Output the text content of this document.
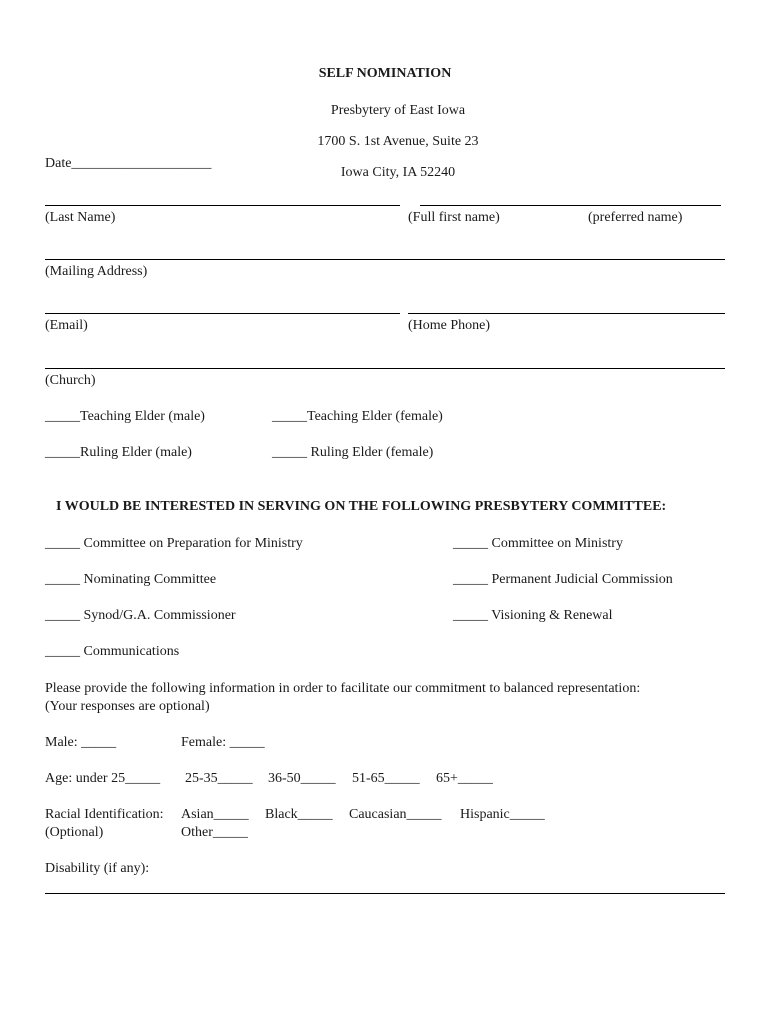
SELF NOMINATION
Presbytery of East Iowa
1700 S. 1st Avenue, Suite 23
Iowa City, IA 52240
Date____________________
(Last Name)	(Full first name)	(preferred name)
(Mailing Address)
(Email)	(Home Phone)
(Church)
_____Teaching Elder (male)	_____Teaching Elder (female)
_____Ruling Elder (male)	_____ Ruling Elder (female)
I WOULD BE INTERESTED IN SERVING ON THE FOLLOWING PRESBYTERY COMMITTEE:
_____ Committee on Preparation for Ministry	_____ Committee on Ministry
_____ Nominating Committee	_____ Permanent Judicial Commission
_____ Synod/G.A. Commissioner	_____ Visioning & Renewal
_____ Communications
Please provide the following information in order to facilitate our commitment to balanced representation:
(Your responses are optional)
Male: _____	Female: _____
Age: under 25_____ 25-35_____ 36-50_____ 51-65_____ 65+_____
Racial Identification: Asian_____ Black_____ Caucasian_____ Hispanic_____
(Optional)	Other_____
Disability (if any):
